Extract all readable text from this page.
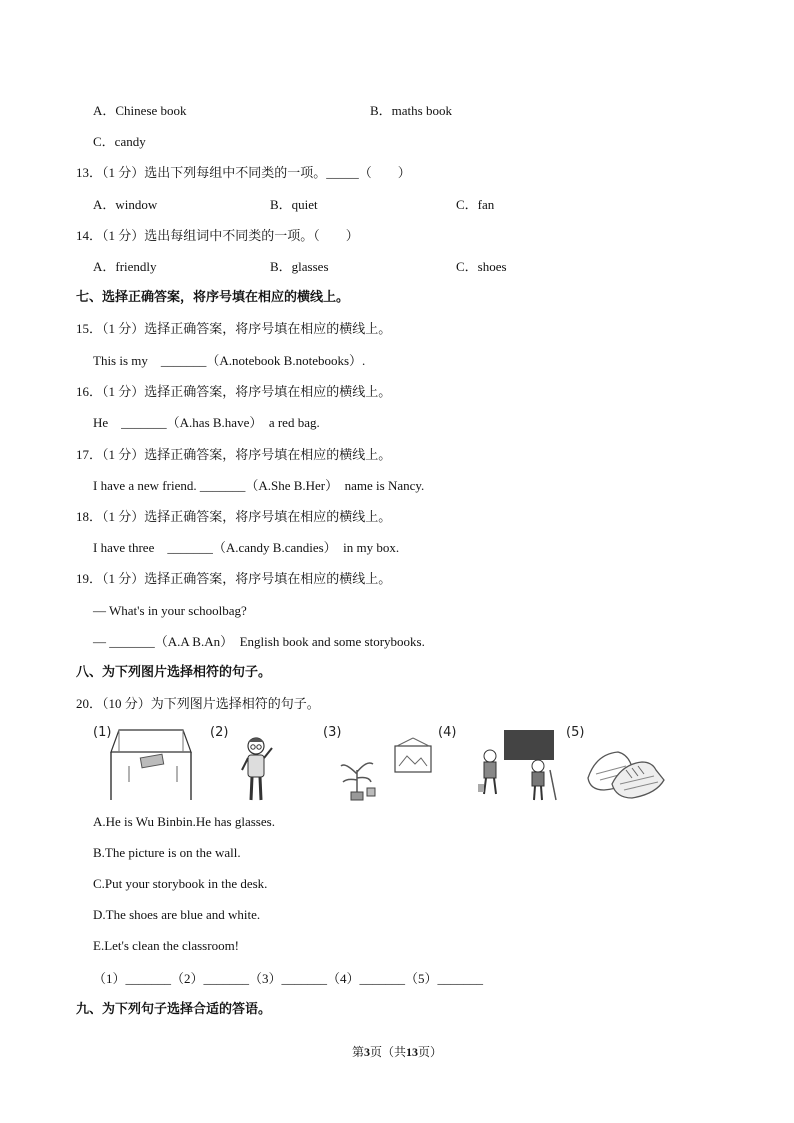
A．Chinese book	B．maths book
C．candy
13．（1 分）选出下列每组中不同类的一项。_____（　　）
A．window	B．quiet	C．fan
14．（1 分）选出每组词中不同类的一项。（　　）
A．friendly	B．glasses	C．shoes
七、选择正确答案，将序号填在相应的横线上。
15．（1 分）选择正确答案，将序号填在相应的横线上。
This is my　_______（A.notebook B.notebooks）.
16．（1 分）选择正确答案，将序号填在相应的横线上。
He　_______（A.has B.have）　a red bag.
17．（1 分）选择正确答案，将序号填在相应的横线上。
I have a new friend. _______（A.She B.Her）　name is Nancy.
18．（1 分）选择正确答案，将序号填在相应的横线上。
I have three　_______（A.candy B.candies）　in my box.
19．（1 分）选择正确答案，将序号填在相应的横线上。
— What's in your schoolbag?
— _______（A.A B.An）　English book and some storybooks.
八、为下列图片选择相符的句子。
20．（10 分）为下列图片选择相符的句子。
(1)	(2)	(3)	(4)	(5)
A.He is Wu Binbin.He has glasses.
B.The picture is on the wall.
C.Put your storybook in the desk.
D.The shoes are blue and white.
E.Let's clean the classroom!
（1）_______（2）_______（3）_______（4）_______（5）_______
九、为下列句子选择合适的答语。
第3页（共13页）
